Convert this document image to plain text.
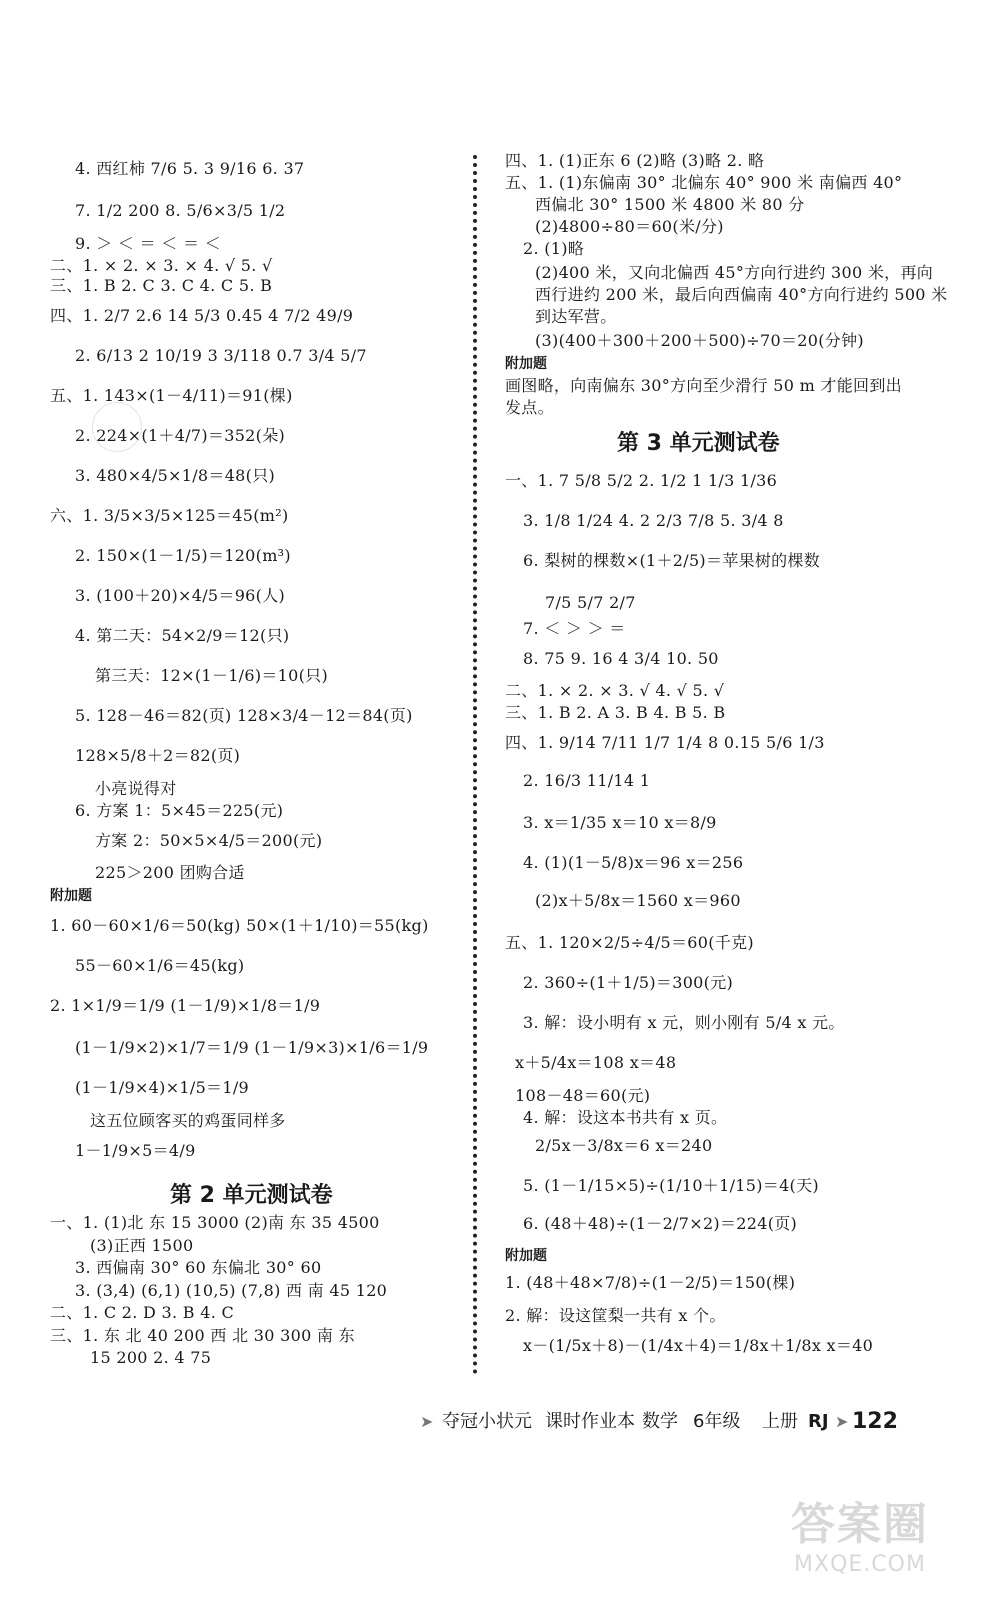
4. 西红柿 7/6 5. 3 9/16 6. 37
7. 1/2 200 8. 5/6×3/5 1/2
9. ＞ ＜ ＝ ＜ ＝ ＜
二、1. × 2. × 3. × 4. √ 5. √
三、1. B 2. C 3. C 4. C 5. B
四、1. 2/7 2.6 14 5/3 0.45 4 7/2 49/9
2. 6/13 2 10/19 3 3/118 0.7 3/4 5/7
五、1. 143×(1－4/11)＝91(棵)
2. 224×(1＋4/7)＝352(朵)
3. 480×4/5×1/8＝48(只)
六、1. 3/5×3/5×125＝45(m²)
2. 150×(1－1/5)＝120(m³)
3. (100＋20)×4/5＝96(人)
4. 第二天：54×2/9＝12(只)
第三天：12×(1－1/6)＝10(只)
5. 128－46＝82(页) 128×3/4－12＝84(页)
128×5/8＋2＝82(页)
小亮说得对
6. 方案 1：5×45＝225(元)
方案 2：50×5×4/5＝200(元)
225＞200 团购合适
附加题
1. 60－60×1/6＝50(kg) 50×(1＋1/10)＝55(kg)
55－60×1/6＝45(kg)
2. 1×1/9＝1/9 (1－1/9)×1/8＝1/9
(1－1/9×2)×1/7＝1/9 (1－1/9×3)×1/6＝1/9
(1－1/9×4)×1/5＝1/9
这五位顾客买的鸡蛋同样多
1－1/9×5＝4/9
第 2 单元测试卷
一、1. (1)北 东 15 3000 (2)南 东 35 4500
(3)正西 1500
3. 西偏南 30° 60 东偏北 30° 60
3. (3,4) (6,1) (10,5) (7,8) 西 南 45 120
二、1. C 2. D 3. B 4. C
三、1. 东 北 40 200 西 北 30 300 南 东
15 200 2. 4 75
四、1. (1)正东 6 (2)略 (3)略 2. 略
五、1. (1)东偏南 30° 北偏东 40° 900 米 南偏西 40°
西偏北 30° 1500 米 4800 米 80 分
(2)4800÷80＝60(米/分)
2. (1)略
(2)400 米，又向北偏西 45°方向行进约 300 米，再向
西行进约 200 米，最后向西偏南 40°方向行进约 500 米
到达军营。
(3)(400＋300＋200＋500)÷70＝20(分钟)
附加题
画图略，向南偏东 30°方向至少滑行 50 m 才能回到出
发点。
第 3 单元测试卷
一、1. 7 5/8 5/2 2. 1/2 1 1/3 1/36
3. 1/8 1/24 4. 2 2/3 7/8 5. 3/4 8
6. 梨树的棵数×(1＋2/5)＝苹果树的棵数
7/5 5/7 2/7
7. ＜ ＞ ＞ ＝
8. 75 9. 16 4 3/4 10. 50
二、1. × 2. × 3. √ 4. √ 5. √
三、1. B 2. A 3. B 4. B 5. B
四、1. 9/14 7/11 1/7 1/4 8 0.15 5/6 1/3
2. 16/3 11/14 1
3. x＝1/35 x＝10 x＝8/9
4. (1)(1－5/8)x＝96 x＝256
(2)x＋5/8x＝1560 x＝960
五、1. 120×2/5÷4/5＝60(千克)
2. 360÷(1＋1/5)＝300(元)
3. 解：设小明有 x 元，则小刚有 5/4 x 元。
x＋5/4x＝108 x＝48
108－48＝60(元)
4. 解：设这本书共有 x 页。
2/5x－3/8x＝6 x＝240
5. (1－1/15×5)÷(1/10＋1/15)＝4(天)
6. (48＋48)÷(1－2/7×2)＝224(页)
附加题
1. (48＋48×7/8)÷(1－2/5)＝150(棵)
2. 解：设这筐梨一共有 x 个。
x－(1/5x＋8)－(1/4x＋4)＝1/8x＋1/8x x＝40
➤ 夺冠小状元 课时作业本 数学 6年级 上册 RJ ➤ 122
答案圈
MXQE.COM
